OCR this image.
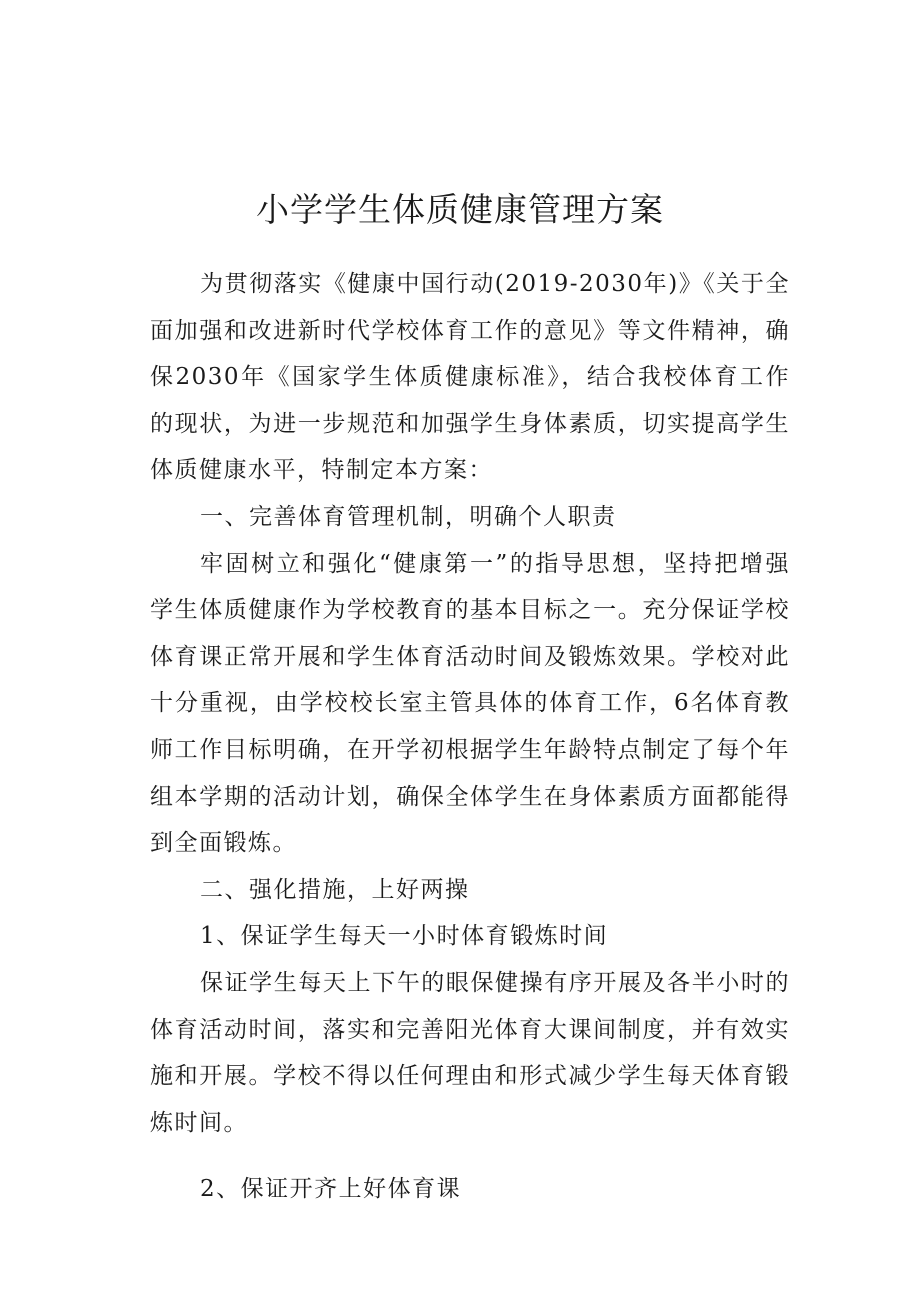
小学学生体质健康管理方案

为贯彻落实《健康中国行动(2019-2030年)》《关于全面加强和改进新时代学校体育工作的意见》等文件精神，确保2030年《国家学生体质健康标准》，结合我校体育工作的现状，为进一步规范和加强学生身体素质，切实提高学生体质健康水平，特制定本方案：

一、完善体育管理机制，明确个人职责

牢固树立和强化“健康第一”的指导思想，坚持把增强学生体质健康作为学校教育的基本目标之一。充分保证学校体育课正常开展和学生体育活动时间及锻炼效果。学校对此十分重视，由学校校长室主管具体的体育工作，6名体育教师工作目标明确，在开学初根据学生年龄特点制定了每个年组本学期的活动计划，确保全体学生在身体素质方面都能得到全面锻炼。

二、强化措施，上好两操

1、保证学生每天一小时体育锻炼时间

保证学生每天上下午的眼保健操有序开展及各半小时的体育活动时间，落实和完善阳光体育大课间制度，并有效实施和开展。学校不得以任何理由和形式减少学生每天体育锻炼时间。

2、保证开齐上好体育课
